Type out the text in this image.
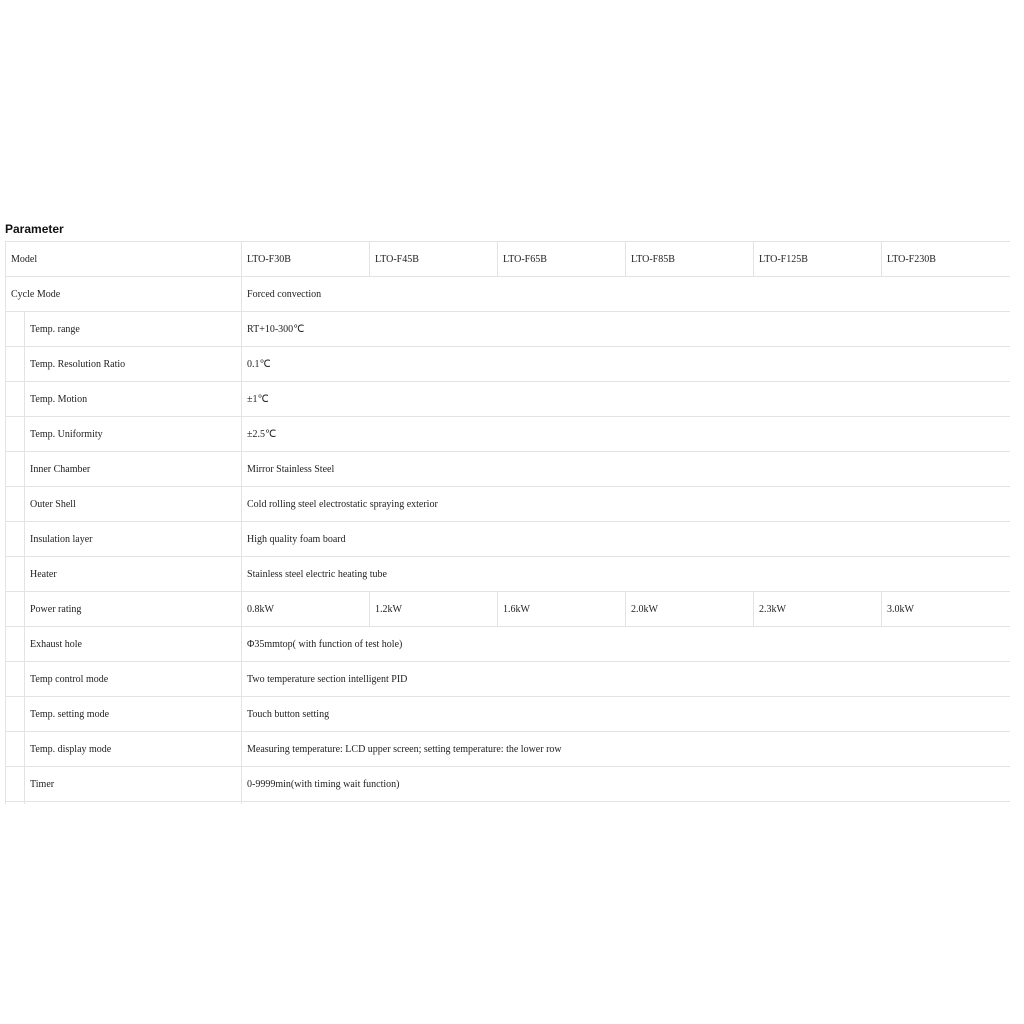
Parameter
Model		LTO-F30B	LTO-F45B	LTO-F65B	LTO-F85B	LTO-F125B	LTO-F230B
Cycle Mode		Forced convection					
	Temp. range	RT+10-300℃					
	Temp. Resolution Ratio	0.1℃					
	Temp. Motion	±1℃					
	Temp. Uniformity	±2.5℃					
	Inner Chamber	Mirror Stainless Steel					
	Outer Shell	Cold rolling steel electrostatic spraying exterior					
	Insulation layer	High quality foam board					
	Heater	Stainless steel electric heating tube					
	Power rating	0.8kW	1.2kW	1.6kW	2.0kW	2.3kW	3.0kW
	Exhaust hole	Φ35mmtop( with function of test hole)					
	Temp control mode	Two temperature section intelligent PID					
	Temp. setting mode	Touch button setting					
	Temp. display mode	Measuring temperature: LCD upper screen; setting temperature: the lower row					
	Timer	0-9999min(with timing wait function)					
